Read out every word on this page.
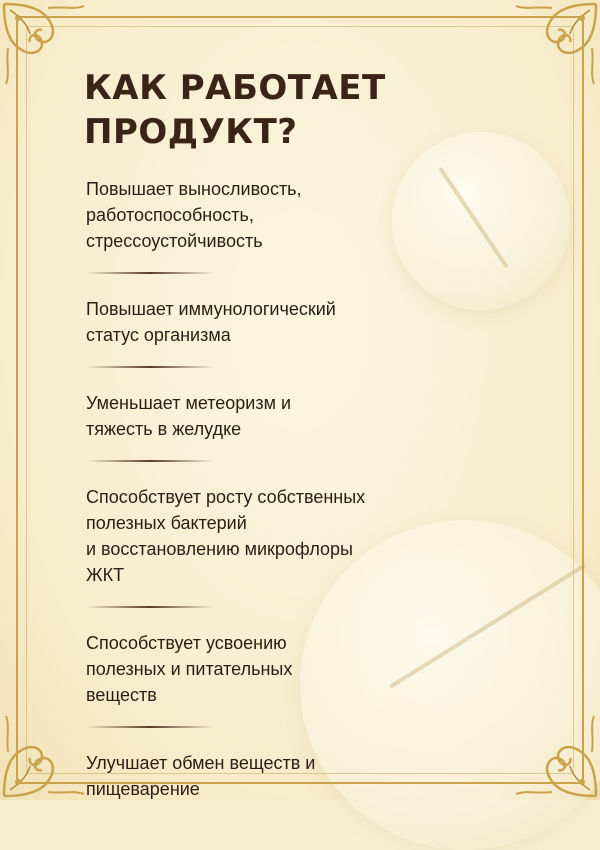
КАК РАБОТАЕТ
ПРОДУКТ?
Повышает выносливость,
работоспособность,
стрессоустойчивость
Повышает иммунологический
статус организма
Уменьшает метеоризм и
тяжесть в желудке
Способствует росту собственных
полезных бактерий
и восстановлению микрофлоры
ЖКТ
Способствует усвоению
полезных и питательных
веществ
Улучшает обмен веществ и
пищеварение
